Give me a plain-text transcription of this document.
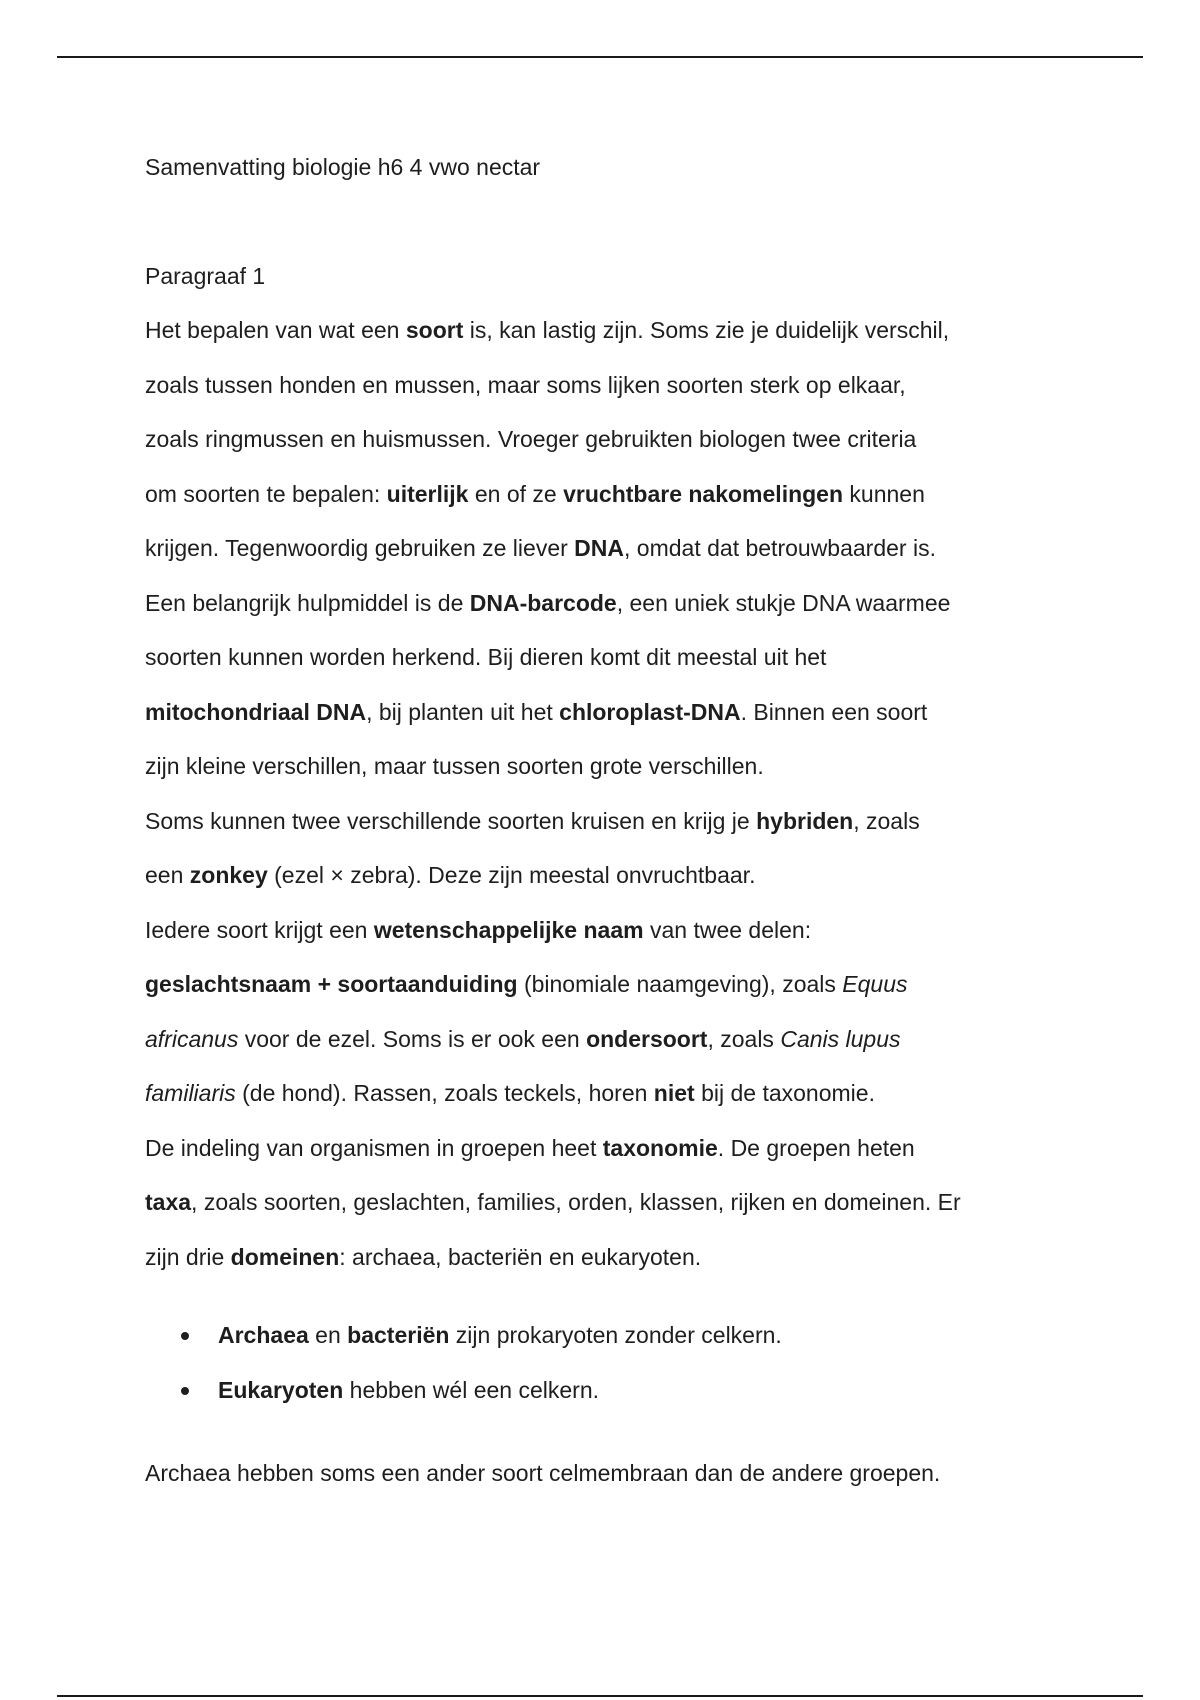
Samenvatting biologie h6 4 vwo nectar
Paragraaf 1
Het bepalen van wat een soort is, kan lastig zijn. Soms zie je duidelijk verschil,
zoals tussen honden en mussen, maar soms lijken soorten sterk op elkaar,
zoals ringmussen en huismussen. Vroeger gebruikten biologen twee criteria
om soorten te bepalen: uiterlijk en of ze vruchtbare nakomelingen kunnen
krijgen. Tegenwoordig gebruiken ze liever DNA, omdat dat betrouwbaarder is.
Een belangrijk hulpmiddel is de DNA-barcode, een uniek stukje DNA waarmee
soorten kunnen worden herkend. Bij dieren komt dit meestal uit het
mitochondriaal DNA, bij planten uit het chloroplast-DNA. Binnen een soort
zijn kleine verschillen, maar tussen soorten grote verschillen.
Soms kunnen twee verschillende soorten kruisen en krijg je hybriden, zoals
een zonkey (ezel × zebra). Deze zijn meestal onvruchtbaar.
Iedere soort krijgt een wetenschappelijke naam van twee delen:
geslachtsnaam + soortaanduiding (binomiale naamgeving), zoals Equus
africanus voor de ezel. Soms is er ook een ondersoort, zoals Canis lupus
familiaris (de hond). Rassen, zoals teckels, horen niet bij de taxonomie.
De indeling van organismen in groepen heet taxonomie. De groepen heten
taxa, zoals soorten, geslachten, families, orden, klassen, rijken en domeinen. Er
zijn drie domeinen: archaea, bacteriën en eukaryoten.
Archaea en bacteriën zijn prokaryoten zonder celkern.
Eukaryoten hebben wél een celkern.
Archaea hebben soms een ander soort celmembraan dan de andere groepen.
